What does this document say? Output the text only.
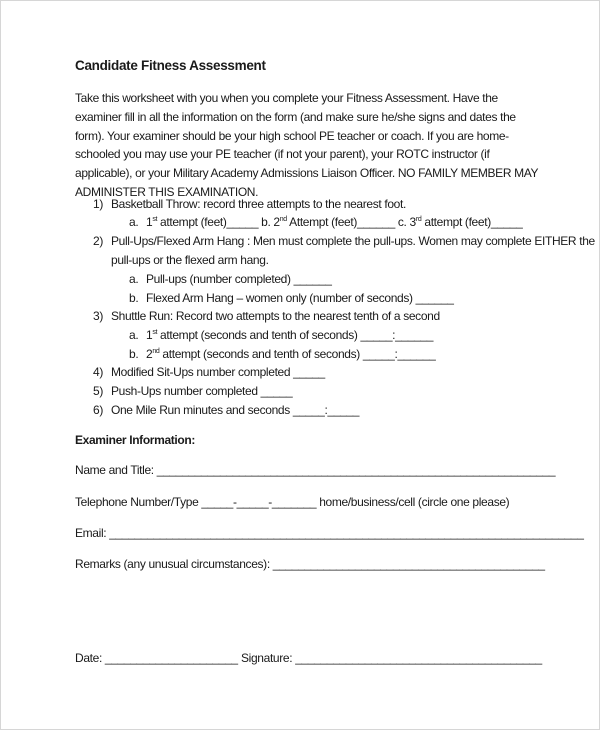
Candidate Fitness Assessment
Take this worksheet with you when you complete your Fitness Assessment. Have the examiner fill in all the information on the form (and make sure he/she signs and dates the form). Your examiner should be your high school PE teacher or coach. If you are home-schooled you may use your PE teacher (if not your parent), your ROTC instructor (if applicable), or your Military Academy Admissions Liaison Officer. NO FAMILY MEMBER MAY ADMINISTER THIS EXAMINATION.
1) Basketball Throw: record three attempts to the nearest foot.
a. 1st attempt (feet)_____ b. 2nd Attempt (feet)______ c. 3rd attempt (feet)_____
2) Pull-Ups/Flexed Arm Hang : Men must complete the pull-ups. Women may complete EITHER the
pull-ups or the flexed arm hang.
a. Pull-ups (number completed) ______
b. Flexed Arm Hang – women only (number of seconds) ______
3) Shuttle Run: Record two attempts to the nearest tenth of a second
a. 1st attempt (seconds and tenth of seconds) _____:______
b. 2nd attempt (seconds and tenth of seconds) _____:______
4) Modified Sit-Ups number completed _____
5) Push-Ups number completed _____
6) One Mile Run minutes and seconds _____:_____
Examiner Information:
Name and Title: _______________________________________________________________
Telephone Number/Type _____-_____-_______ home/business/cell (circle one please)
Email: ___________________________________________________________________________
Remarks (any unusual circumstances): ___________________________________________
Date: _____________________ Signature: _______________________________________
